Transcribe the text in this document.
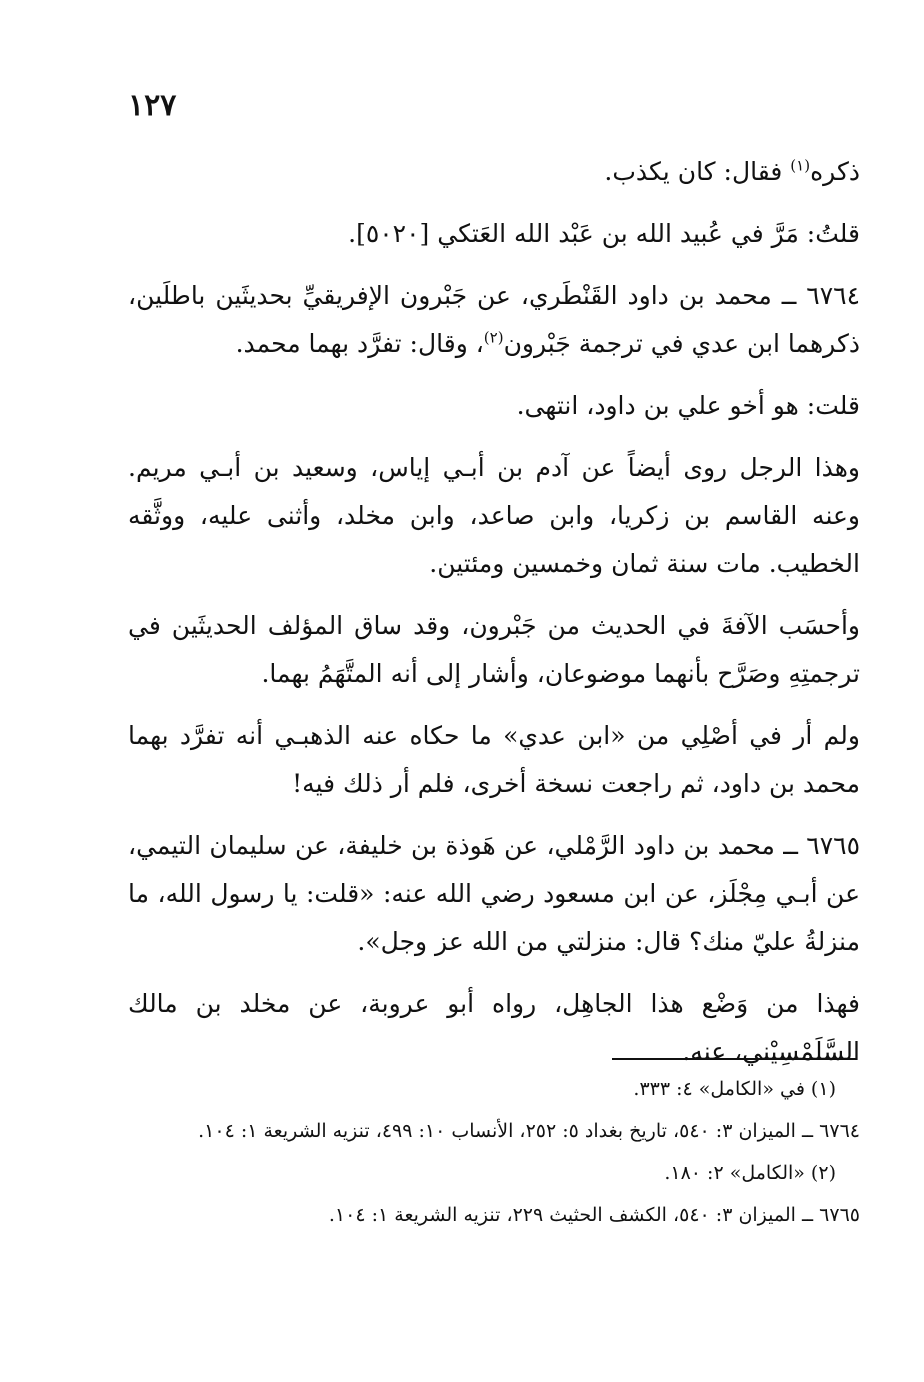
١٢٧

ذكره$^{(١)}$ فقال: كان يكذب.

قلتُ: مَرَّ في عُبيد الله بن عَبْد الله العَتكي [٥٠٢٠].

٦٧٦٤ ــ محمد بن داود القَنْطَري، عن جَبْرون الإفريقيِّ بحديثَين باطلَين، ذكرهما ابن عدي في ترجمة جَبْرون$^{(٢)}$، وقال: تفرَّد بهما محمد.

قلت: هو أخو علي بن داود، انتهى.

وهذا الرجل روى أيضاً عن آدم بن أبـي إياس، وسعيد بن أبـي مريم. وعنه القاسم بن زكريا، وابن صاعد، وابن مخلد، وأثنى عليه، ووثَّقه الخطيب. مات سنة ثمان وخمسين ومئتين.

وأحسَب الآفةَ في الحديث من جَبْرون، وقد ساق المؤلف الحديثَين في ترجمتِهِ وصَرَّح بأنهما موضوعان، وأشار إلى أنه المتَّهَمُ بهما.

ولم أر في أصْلِي من «ابن عدي» ما حكاه عنه الذهبـي أنه تفرَّد بهما محمد بن داود، ثم راجعت نسخة أخرى، فلم أر ذلك فيه!

٦٧٦٥ ــ محمد بن داود الرَّمْلي، عن هَوذة بن خليفة، عن سليمان التيمي، عن أبـي مِجْلَز، عن ابن مسعود رضي الله عنه: «قلت: يا رسول الله، ما منزلةُ عليّ منك؟ قال: منزلتي من الله عز وجل».

فهذا من وَضْع هذا الجاهِل، رواه أبو عروبة، عن مخلد بن مالك السَّلَمْسِيْني، عنه.

(١) في «الكامل» ٤: ٣٣٣.

٦٧٦٤ ــ الميزان ٣: ٥٤٠، تاريخ بغداد ٥: ٢٥٢، الأنساب ١٠: ٤٩٩، تنزيه الشريعة ١: ١٠٤.

(٢) «الكامل» ٢: ١٨٠.

٦٧٦٥ ــ الميزان ٣: ٥٤٠، الكشف الحثيث ٢٢٩، تنزيه الشريعة ١: ١٠٤.
